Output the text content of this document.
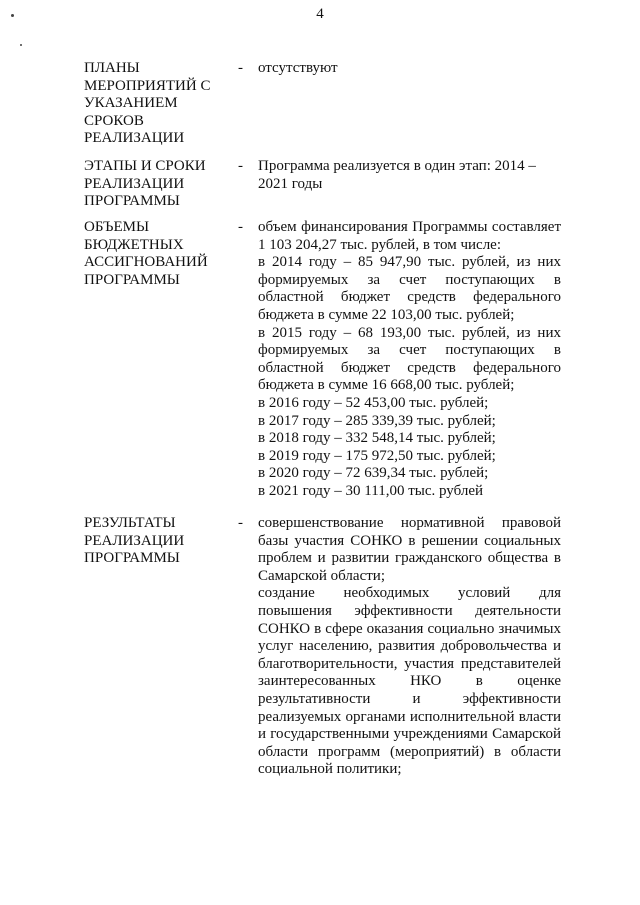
4
ПЛАНЫ
МЕРОПРИЯТИЙ С
УКАЗАНИЕМ
СРОКОВ
РЕАЛИЗАЦИИ
- отсутствуют
ЭТАПЫ И СРОКИ
РЕАЛИЗАЦИИ
ПРОГРАММЫ
- Программа реализуется в один этап: 2014 –
2021 годы
ОБЪЕМЫ
БЮДЖЕТНЫХ
АССИГНОВАНИЙ
ПРОГРАММЫ
- объем финансирования Программы составляет
1 103 204,27 тыс. рублей, в том числе:
в 2014 году – 85 947,90 тыс. рублей, из них
формируемых за счет поступающих в
областной бюджет средств федерального
бюджета в сумме 22 103,00 тыс. рублей;
в 2015 году – 68 193,00 тыс. рублей, из них
формируемых за счет поступающих в
областной бюджет средств федерального
бюджета в сумме 16 668,00 тыс. рублей;
в 2016 году – 52 453,00 тыс. рублей;
в 2017 году – 285 339,39 тыс. рублей;
в 2018 году – 332 548,14 тыс. рублей;
в 2019 году – 175 972,50 тыс. рублей;
в 2020 году – 72 639,34 тыс. рублей;
в 2021 году – 30 111,00 тыс. рублей
РЕЗУЛЬТАТЫ
РЕАЛИЗАЦИИ
ПРОГРАММЫ
- совершенствование нормативной правовой
базы участия СОНКО в решении социальных
проблем и развитии гражданского общества в
Самарской области;
создание необходимых условий для
повышения эффективности деятельности
СОНКО в сфере оказания социально значимых
услуг населению, развития добровольчества и
благотворительности, участия представителей
заинтересованных НКО в оценке
результативности и эффективности
реализуемых органами исполнительной власти
и государственными учреждениями Самарской
области программ (мероприятий) в области
социальной политики;
